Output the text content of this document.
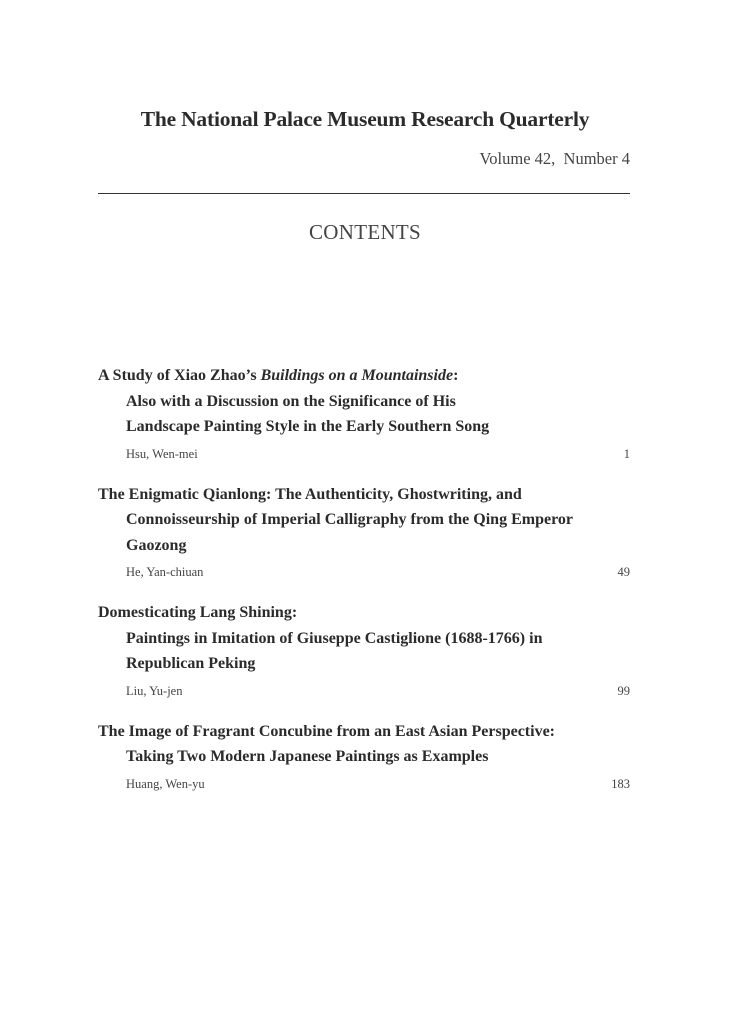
The National Palace Museum Research Quarterly
Volume 42,  Number 4
CONTENTS
A Study of Xiao Zhao’s Buildings on a Mountainside:
Also with a Discussion on the Significance of His
Landscape Painting Style in the Early Southern Song
Hsu, Wen-mei	1
The Enigmatic Qianlong: The Authenticity, Ghostwriting, and
Connoisseurship of Imperial Calligraphy from the Qing Emperor
Gaozong
He, Yan-chiuan	49
Domesticating Lang Shining:
Paintings in Imitation of Giuseppe Castiglione (1688-1766) in
Republican Peking
Liu, Yu-jen	99
The Image of Fragrant Concubine from an East Asian Perspective:
Taking Two Modern Japanese Paintings as Examples
Huang, Wen-yu	183
